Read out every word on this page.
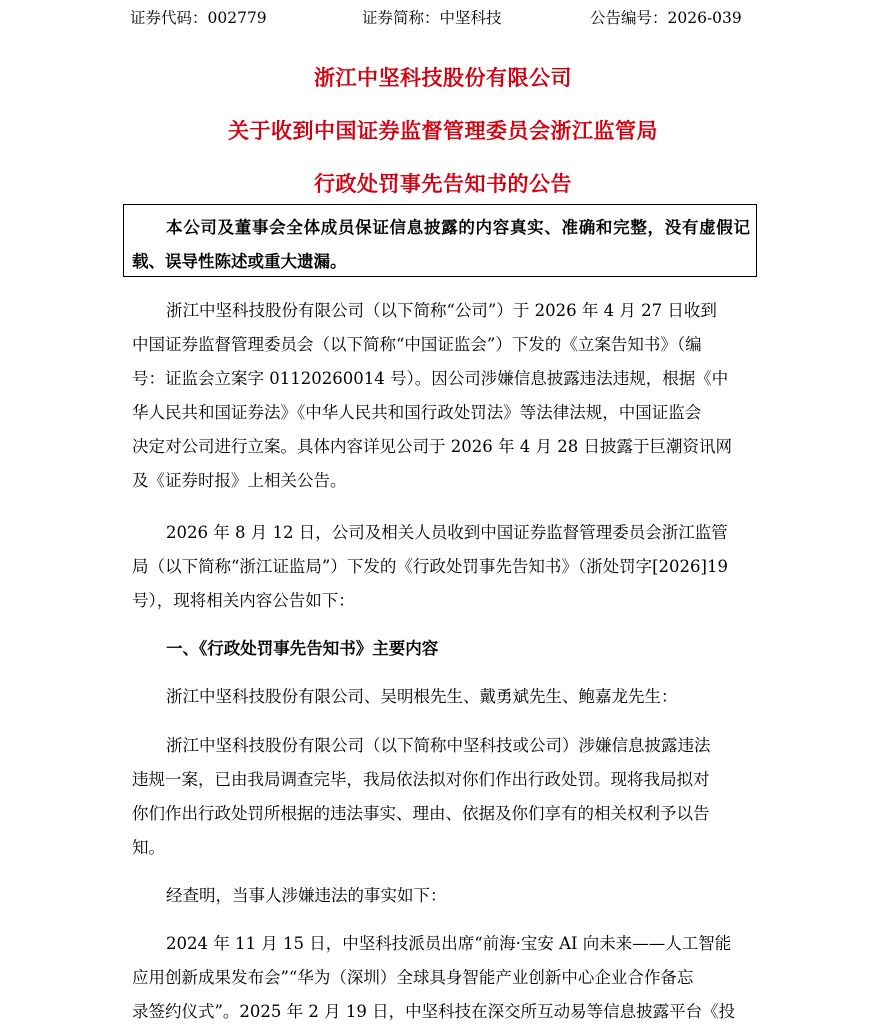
证券代码：002779	证券简称：中坚科技	公告编号：2026-039
浙江中坚科技股份有限公司
关于收到中国证券监督管理委员会浙江监管局
行政处罚事先告知书的公告
本公司及董事会全体成员保证信息披露的内容真实、准确和完整，没有虚假记载、误导性陈述或重大遗漏。
浙江中坚科技股份有限公司（以下简称“公司”）于 2026 年 4 月 27 日收到
中国证券监督管理委员会（以下简称“中国证监会”）下发的《立案告知书》（编
号：证监会立案字 01120260014 号）。因公司涉嫌信息披露违法违规，根据《中
华人民共和国证券法》《中华人民共和国行政处罚法》等法律法规，中国证监会
决定对公司进行立案。具体内容详见公司于 2026 年 4 月 28 日披露于巨潮资讯网
及《证券时报》上相关公告。
2026 年 8 月 12 日，公司及相关人员收到中国证券监督管理委员会浙江监管
局（以下简称“浙江证监局”）下发的《行政处罚事先告知书》（浙处罚字[2026]19
号），现将相关内容公告如下：
一、《行政处罚事先告知书》主要内容
浙江中坚科技股份有限公司、吴明根先生、戴勇斌先生、鲍嘉龙先生：
浙江中坚科技股份有限公司（以下简称中坚科技或公司）涉嫌信息披露违法
违规一案，已由我局调查完毕，我局依法拟对你们作出行政处罚。现将我局拟对
你们作出行政处罚所根据的违法事实、理由、依据及你们享有的相关权利予以告
知。
经查明，当事人涉嫌违法的事实如下：
2024 年 11 月 15 日，中坚科技派员出席“前海·宝安 AI 向未来——人工智能
应用创新成果发布会”“华为（深圳）全球具身智能产业创新中心企业合作备忘
录签约仪式”。2025 年 2 月 19 日，中坚科技在深交所互动易等信息披露平台《投
